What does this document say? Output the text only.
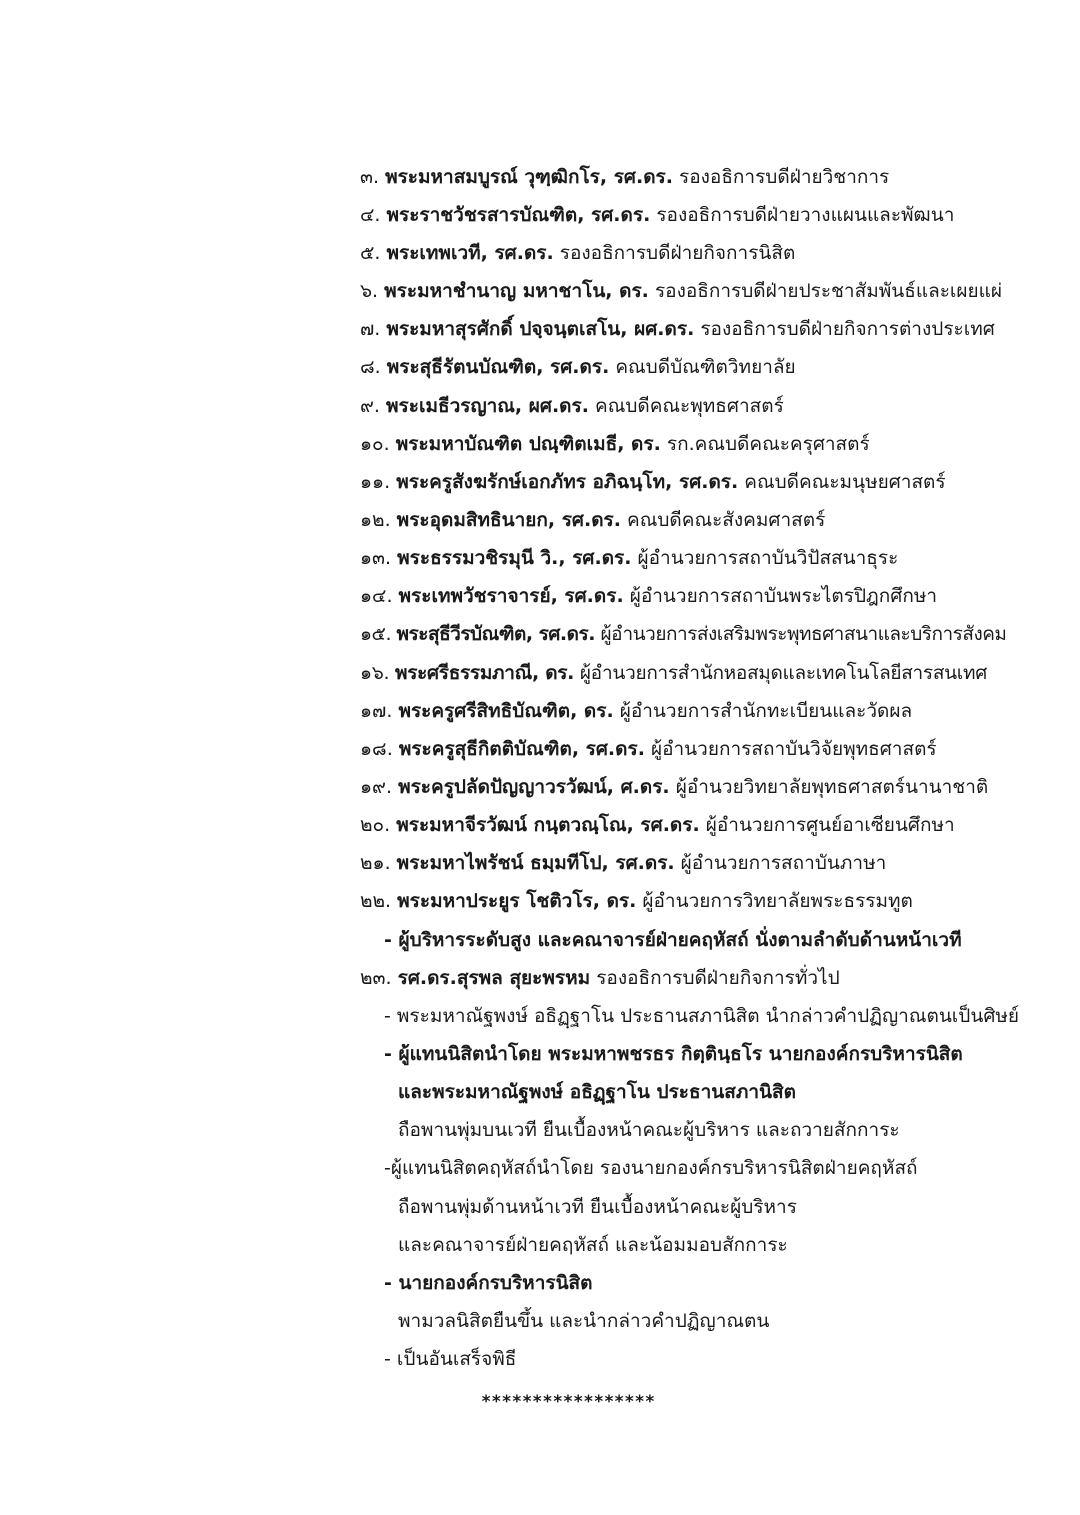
๓. พระมหาสมบูรณ์ วุฑฺฒิกโร, รศ.ดร. รองอธิการบดีฝ่ายวิชาการ
๔. พระราชวัชรสารบัณฑิต, รศ.ดร. รองอธิการบดีฝ่ายวางแผนและพัฒนา
๕. พระเทพเวที, รศ.ดร. รองอธิการบดีฝ่ายกิจการนิสิต
๖. พระมหาชำนาญ มหาชาโน, ดร. รองอธิการบดีฝ่ายประชาสัมพันธ์และเผยแผ่
๗. พระมหาสุรศักดิ์ ปจฺจนฺตเสโน, ผศ.ดร. รองอธิการบดีฝ่ายกิจการต่างประเทศ
๘. พระสุธีรัตนบัณฑิต, รศ.ดร. คณบดีบัณฑิตวิทยาลัย
๙. พระเมธีวรญาณ, ผศ.ดร. คณบดีคณะพุทธศาสตร์
๑๐. พระมหาบัณฑิต ปณฺฑิตเมธี, ดร. รก.คณบดีคณะครุศาสตร์
๑๑. พระครูสังฆรักษ์เอกภัทร อภิฉนฺโท, รศ.ดร. คณบดีคณะมนุษยศาสตร์
๑๒. พระอุดมสิทธินายก, รศ.ดร. คณบดีคณะสังคมศาสตร์
๑๓. พระธรรมวชิรมุนี วิ., รศ.ดร. ผู้อำนวยการสถาบันวิปัสสนาธุระ
๑๔. พระเทพวัชราจารย์, รศ.ดร. ผู้อำนวยการสถาบันพระไตรปิฎกศึกษา
๑๕. พระสุธีวีรบัณฑิต, รศ.ดร. ผู้อำนวยการส่งเสริมพระพุทธศาสนาและบริการสังคม
๑๖. พระศรีธรรมภาณี, ดร. ผู้อำนวยการสำนักหอสมุดและเทคโนโลยีสารสนเทศ
๑๗. พระครูศรีสิทธิบัณฑิต, ดร. ผู้อำนวยการสำนักทะเบียนและวัดผล
๑๘. พระครูสุธีกิตติบัณฑิต, รศ.ดร. ผู้อำนวยการสถาบันวิจัยพุทธศาสตร์
๑๙. พระครูปลัดปัญญาวรวัฒน์, ศ.ดร. ผู้อำนวยวิทยาลัยพุทธศาสตร์นานาชาติ
๒๐. พระมหาจีรวัฒน์ กนฺตวณฺโณ, รศ.ดร. ผู้อำนวยการศูนย์อาเซียนศึกษา
๒๑. พระมหาไพรัชน์ ธมฺมทีโป, รศ.ดร. ผู้อำนวยการสถาบันภาษา
๒๒. พระมหาประยูร โชติวโร, ดร. ผู้อำนวยการวิทยาลัยพระธรรมทูต
- ผู้บริหารระดับสูง และคณาจารย์ฝ่ายคฤหัสถ์ นั่งตามลำดับด้านหน้าเวที
๒๓. รศ.ดร.สุรพล สุยะพรหม รองอธิการบดีฝ่ายกิจการทั่วไป
- พระมหาณัฐพงษ์ อธิฏฺฐาโน ประธานสภานิสิต นำกล่าวคำปฏิญาณตนเป็นศิษย์
- ผู้แทนนิสิตนำโดย พระมหาพชรธร กิตฺตินฺธโร นายกองค์กรบริหารนิสิต
และพระมหาณัฐพงษ์ อธิฏฺฐาโน ประธานสภานิสิต
ถือพานพุ่มบนเวที ยืนเบื้องหน้าคณะผู้บริหาร และถวายสักการะ
-ผู้แทนนิสิตคฤหัสถ์นำโดย รองนายกองค์กรบริหารนิสิตฝ่ายคฤหัสถ์
ถือพานพุ่มด้านหน้าเวที ยืนเบื้องหน้าคณะผู้บริหาร
และคณาจารย์ฝ่ายคฤหัสถ์ และน้อมมอบสักการะ
- นายกองค์กรบริหารนิสิต
พามวลนิสิตยืนขึ้น และนำกล่าวคำปฏิญาณตน
- เป็นอันเสร็จพิธี
*****************
